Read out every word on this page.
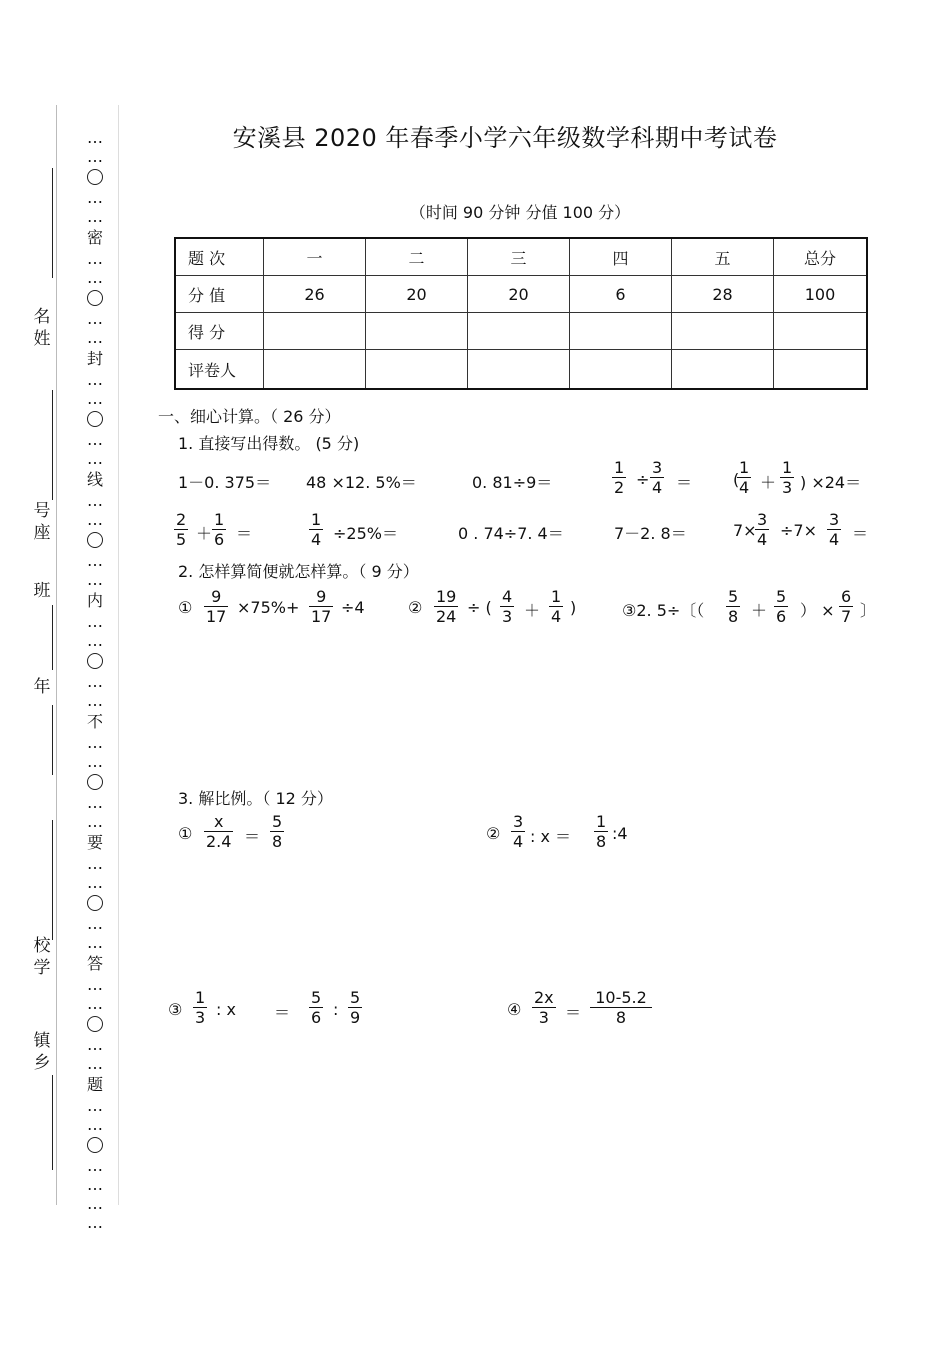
名姓
号座
班
年
校学
镇乡
…
…
…
…
密
…
…
…
…
封
…
…
…
…
线
…
…
…
…
内
…
…
…
…
不
…
…
…
…
要
…
…
…
…
答
…
…
…
…
题
…
…
…
…
…
…
安溪县 2020 年春季小学六年级数学科期中考试卷
（时间 90 分钟 分值 100 分）
题 次	一	二	三	四	五	总分
分 值	26	20	20	6	28	100
得 分						
评卷人						
一、细心计算。（ 26 分）
1. 直接写出得数。 (5 分)
2. 怎样算简便就怎样算。（ 9 分）
3. 解比例。（ 12 分）
1－0. 375＝ 48 ×12. 5%＝	0. 81÷9＝
1
2 ÷
3
4 ＝	(
1
4 ＋
1
3 ) ×24＝
2
5 ＋
1
6 ＝
1
4 ÷25%＝	0 . 74÷7. 4＝	7－2. 8＝	7×
3
4 ÷7×
3
4 ＝
①
9
17 ×75%+
9
17 ÷4	②
19
24 ÷ (
4
3 ＋
1
4 )	③2. 5÷〔（
5
8 ＋
5
6 ） ×
6
7 〕
①
x
2.4 ＝
5
8	②
3
4 : x ＝
1
8 :4
③
1
3 : x ＝
5
6 :
5
9	④
2x
3 ＝
10-5.2
8
